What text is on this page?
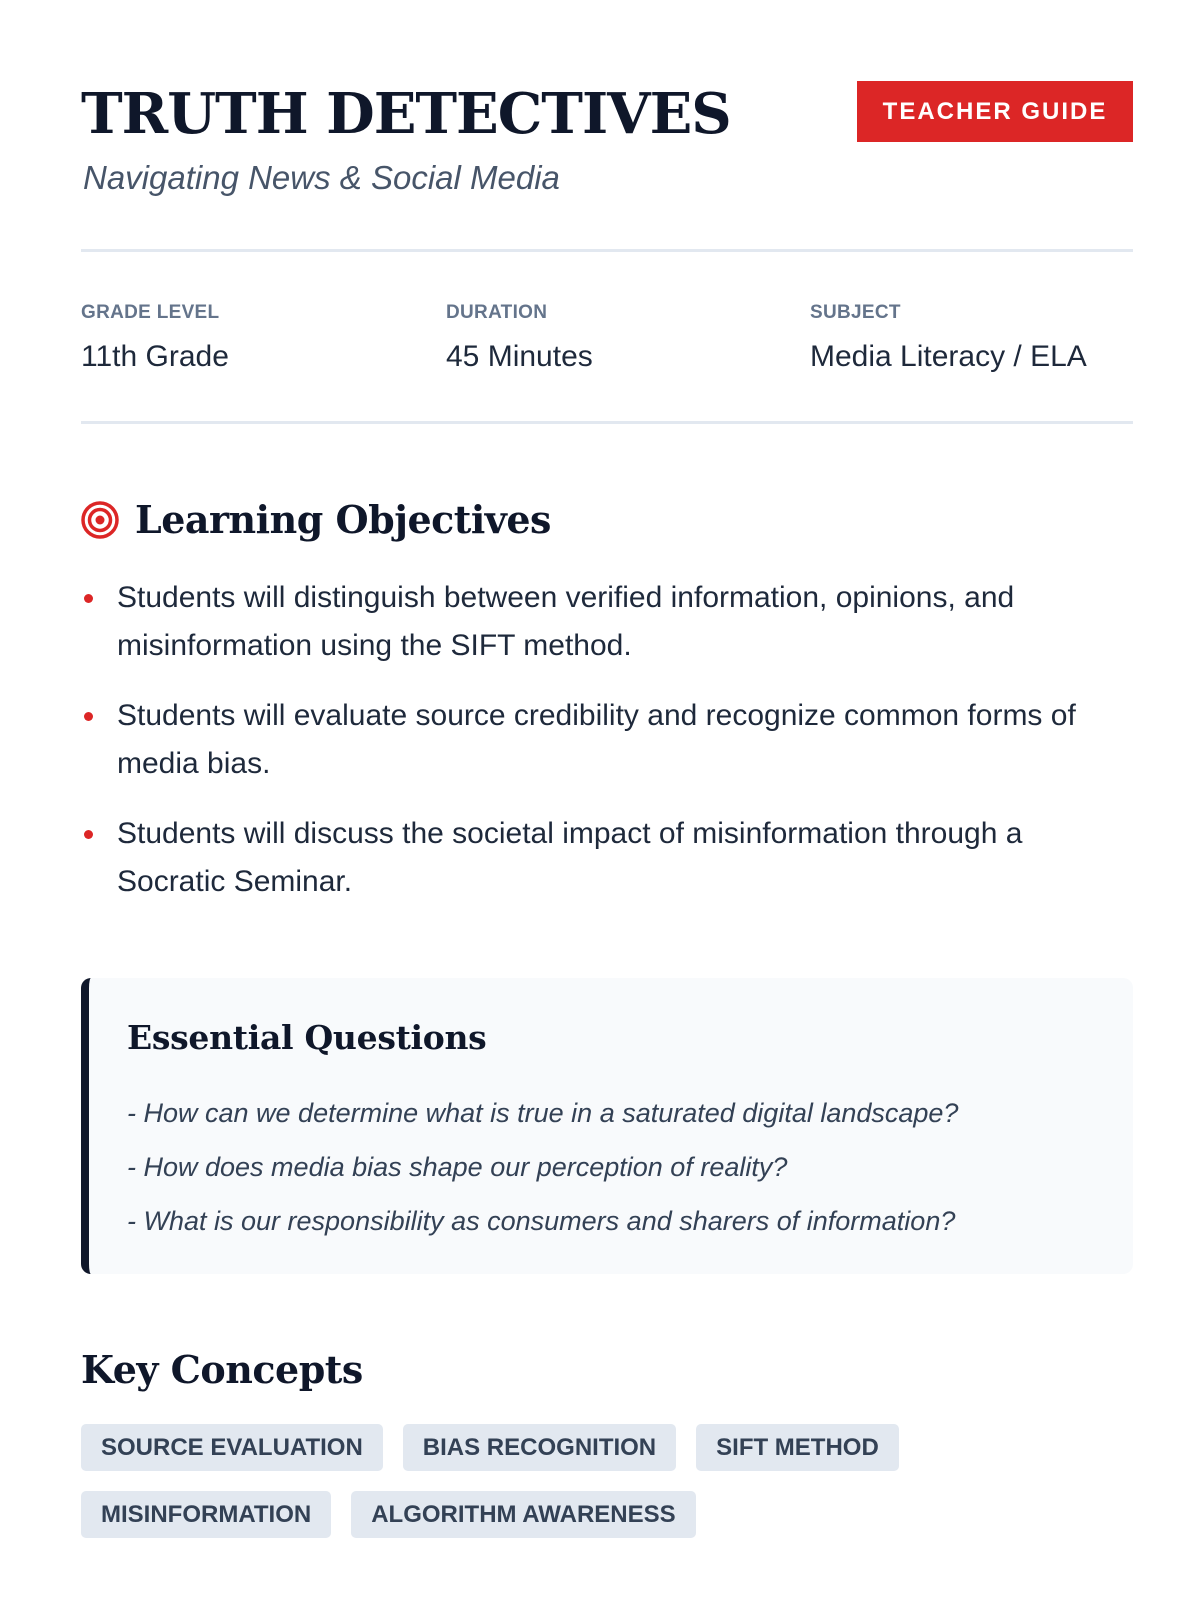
TRUTH DETECTIVES

Navigating News & Social Media

TEACHER GUIDE
GRADE LEVEL
11th Grade
DURATION
45 Minutes
SUBJECT
Media Literacy / ELA
Learning Objectives
Students will distinguish between verified information, opinions, and misinformation using the SIFT method.
Students will evaluate source credibility and recognize common forms of media bias.
Students will discuss the societal impact of misinformation through a Socratic Seminar.
Essential Questions
- How can we determine what is true in a saturated digital landscape?
- How does media bias shape our perception of reality?
- What is our responsibility as consumers and sharers of information?
Key Concepts
SOURCE EVALUATION	BIAS RECOGNITION	SIFT METHOD
MISINFORMATION	ALGORITHM AWARENESS
